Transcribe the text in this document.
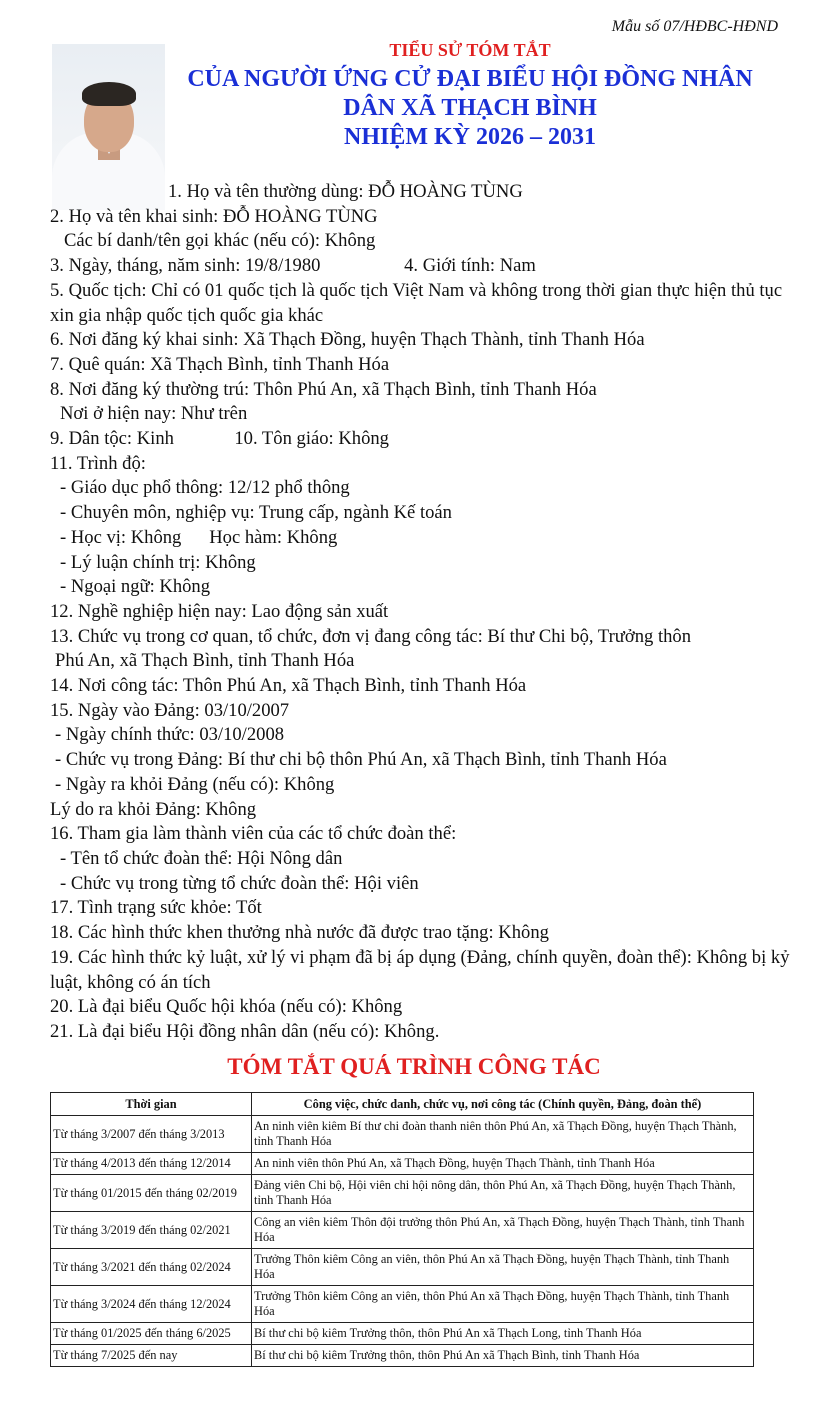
Mẫu số 07/HĐBC-HĐND
TIỂU SỬ TÓM TẮT
CỦA NGƯỜI ỨNG CỬ ĐẠI BIỂU HỘI ĐỒNG NHÂN
DÂN XÃ THẠCH BÌNH
NHIỆM KỲ 2026 – 2031
1. Họ và tên thường dùng: ĐỖ HOÀNG TÙNG
2. Họ và tên khai sinh: ĐỖ HOÀNG TÙNG
Các bí danh/tên gọi khác (nếu có): Không
3. Ngày, tháng, năm sinh: 19/8/1980                  4. Giới tính: Nam
5. Quốc tịch: Chỉ có 01 quốc tịch là quốc tịch Việt Nam và không trong thời gian thực hiện thủ tục xin gia nhập quốc tịch quốc gia khác
6. Nơi đăng ký khai sinh: Xã Thạch Đồng, huyện Thạch Thành, tỉnh Thanh Hóa
7. Quê quán: Xã Thạch Bình, tỉnh Thanh Hóa
8. Nơi đăng ký thường trú: Thôn Phú An, xã Thạch Bình, tỉnh Thanh Hóa
Nơi ở hiện nay: Như trên
9. Dân tộc: Kinh             10. Tôn giáo: Không
11. Trình độ:
- Giáo dục phổ thông: 12/12 phổ thông
- Chuyên môn, nghiệp vụ: Trung cấp, ngành Kế toán
- Học vị: Không      Học hàm: Không
- Lý luận chính trị: Không
- Ngoại ngữ: Không
12. Nghề nghiệp hiện nay: Lao động sản xuất
13. Chức vụ trong cơ quan, tổ chức, đơn vị đang công tác: Bí thư Chi bộ, Trưởng thôn
Phú An, xã Thạch Bình, tỉnh Thanh Hóa
14. Nơi công tác: Thôn Phú An, xã Thạch Bình, tỉnh Thanh Hóa
15. Ngày vào Đảng: 03/10/2007
- Ngày chính thức: 03/10/2008
- Chức vụ trong Đảng: Bí thư chi bộ thôn Phú An, xã Thạch Bình, tỉnh Thanh Hóa
- Ngày ra khỏi Đảng (nếu có): Không
Lý do ra khỏi Đảng: Không
16. Tham gia làm thành viên của các tổ chức đoàn thể:
- Tên tổ chức đoàn thể: Hội Nông dân
- Chức vụ trong từng tổ chức đoàn thể: Hội viên
17. Tình trạng sức khỏe: Tốt
18. Các hình thức khen thưởng nhà nước đã được trao tặng: Không
19. Các hình thức kỷ luật, xử lý vi phạm đã bị áp dụng (Đảng, chính quyền, đoàn thể): Không bị kỷ luật, không có án tích
20. Là đại biểu Quốc hội khóa (nếu có): Không
21. Là đại biểu Hội đồng nhân dân (nếu có): Không.
TÓM TẮT QUÁ TRÌNH CÔNG TÁC
Thời gian	Công việc, chức danh, chức vụ, nơi công tác (Chính quyền, Đảng, đoàn thể)
Từ tháng 3/2007 đến tháng 3/2013	An ninh viên kiêm Bí thư chi đoàn thanh niên thôn Phú An, xã Thạch Đồng, huyện Thạch Thành, tỉnh Thanh Hóa
Từ tháng 4/2013 đến tháng 12/2014	An ninh viên thôn Phú An, xã Thạch Đồng, huyện Thạch Thành, tỉnh Thanh Hóa
Từ tháng 01/2015 đến tháng 02/2019	Đảng viên Chi bộ, Hội viên chi hội nông dân, thôn Phú An, xã Thạch Đồng, huyện Thạch Thành, tỉnh Thanh Hóa
Từ tháng 3/2019 đến tháng 02/2021	Công an viên kiêm Thôn đội trưởng thôn Phú An, xã Thạch Đồng, huyện Thạch Thành, tỉnh Thanh Hóa
Từ tháng 3/2021 đến tháng 02/2024	Trưởng Thôn kiêm Công an viên, thôn Phú An xã Thạch Đồng, huyện Thạch Thành, tỉnh Thanh Hóa
Từ tháng 3/2024 đến tháng 12/2024	Trưởng Thôn kiêm Công an viên, thôn Phú An xã Thạch Đồng, huyện Thạch Thành, tỉnh Thanh Hóa
Từ tháng 01/2025 đến tháng 6/2025	Bí thư chi bộ kiêm Trưởng thôn, thôn Phú An xã Thạch Long, tỉnh Thanh Hóa
Từ tháng 7/2025 đến nay	Bí thư chi bộ kiêm Trưởng thôn, thôn Phú An xã Thạch Bình, tỉnh Thanh Hóa
